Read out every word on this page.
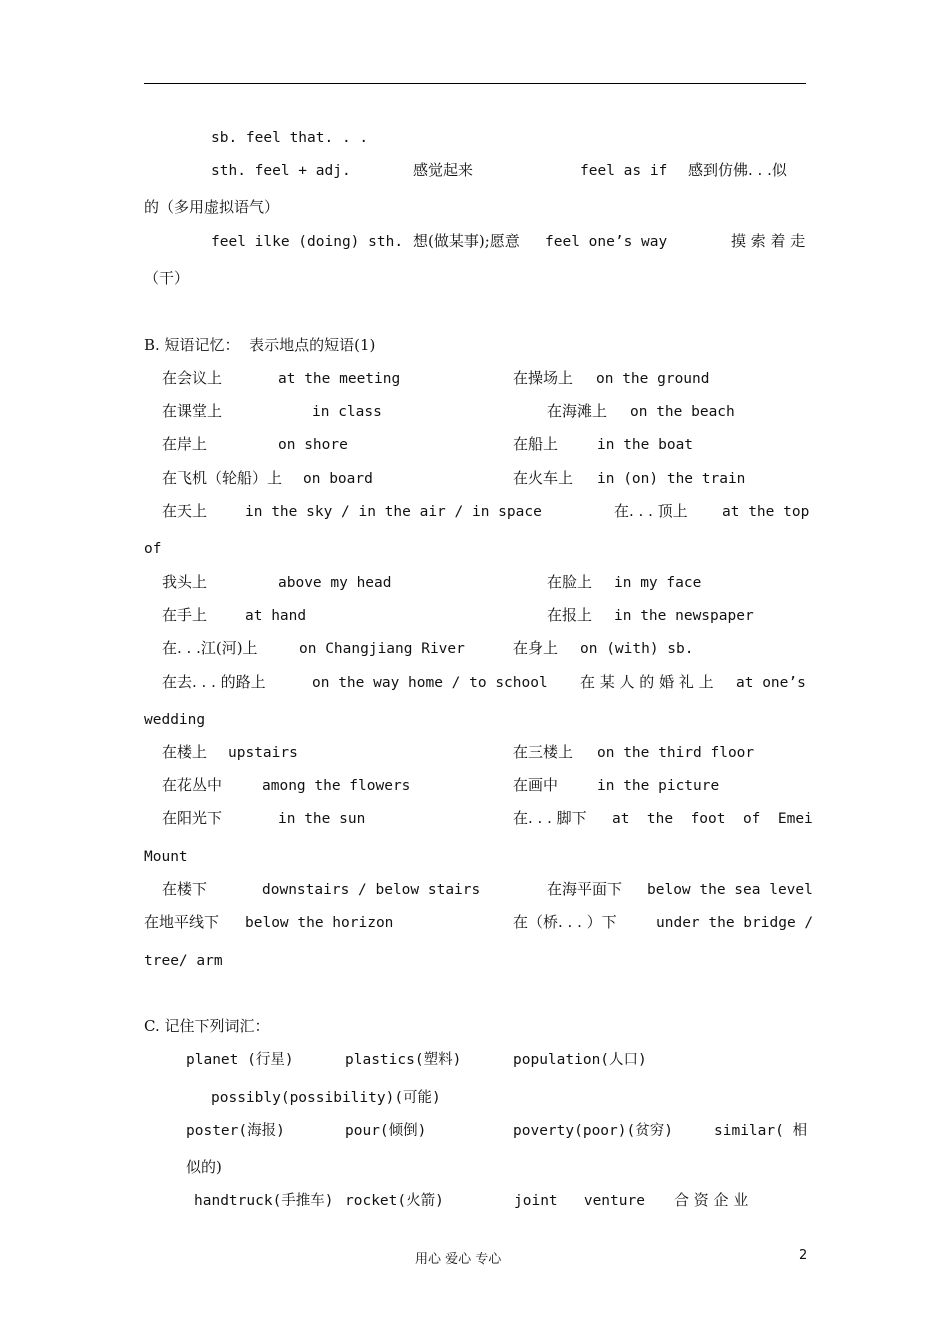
sb. feel that. . .
sth. feel + adj.	感觉起来	feel as if 感到仿佛. . .似
的（多用虚拟语气）
feel ilke (doing) sth. 想(做某事);愿意 feel one’s way	摸 索 着 走
（干）
B. 短语记忆：  表示地点的短语(1)
在会议上	at the meeting	在操场上 on the ground
在课堂上	in class	在海滩上 on the beach
在岸上	on shore	在船上	in the boat
在飞机（轮船）上 on board	在火车上 in (on) the train
在天上	in the sky / in the air / in space	在. . . 顶上 at the top
of
我头上	above my head	在脸上 in my face
在手上	at hand	在报上 in the newspaper
在. . .江(河)上	on Changjiang River	在身上 on (with) sb.
在去. . . 的路上	on the way home / to school 在 某 人 的 婚 礼 上 at one’s
wedding
在楼上 upstairs	在三楼上 on the third floor
在花丛中	among the flowers	在画中	in the picture
在阳光下	in the sun	在. . . 脚下 at  the  foot  of  Emei
Mount
在楼下	downstairs / below stairs	在海平面下 below the sea level
在地平线下 below the horizon	在（桥. . . ）下	under the bridge /
tree/ arm
C. 记住下列词汇：
planet (行星)	plastics(塑料)	population(人口)
possibly(possibility)(可能)
poster(海报)	pour(倾倒)	poverty(poor)(贫穷)	similar( 相
似的)
handtruck(手推车) rocket(火箭)	joint   venture 合 资 企 业
用心 爱心 专心	2
